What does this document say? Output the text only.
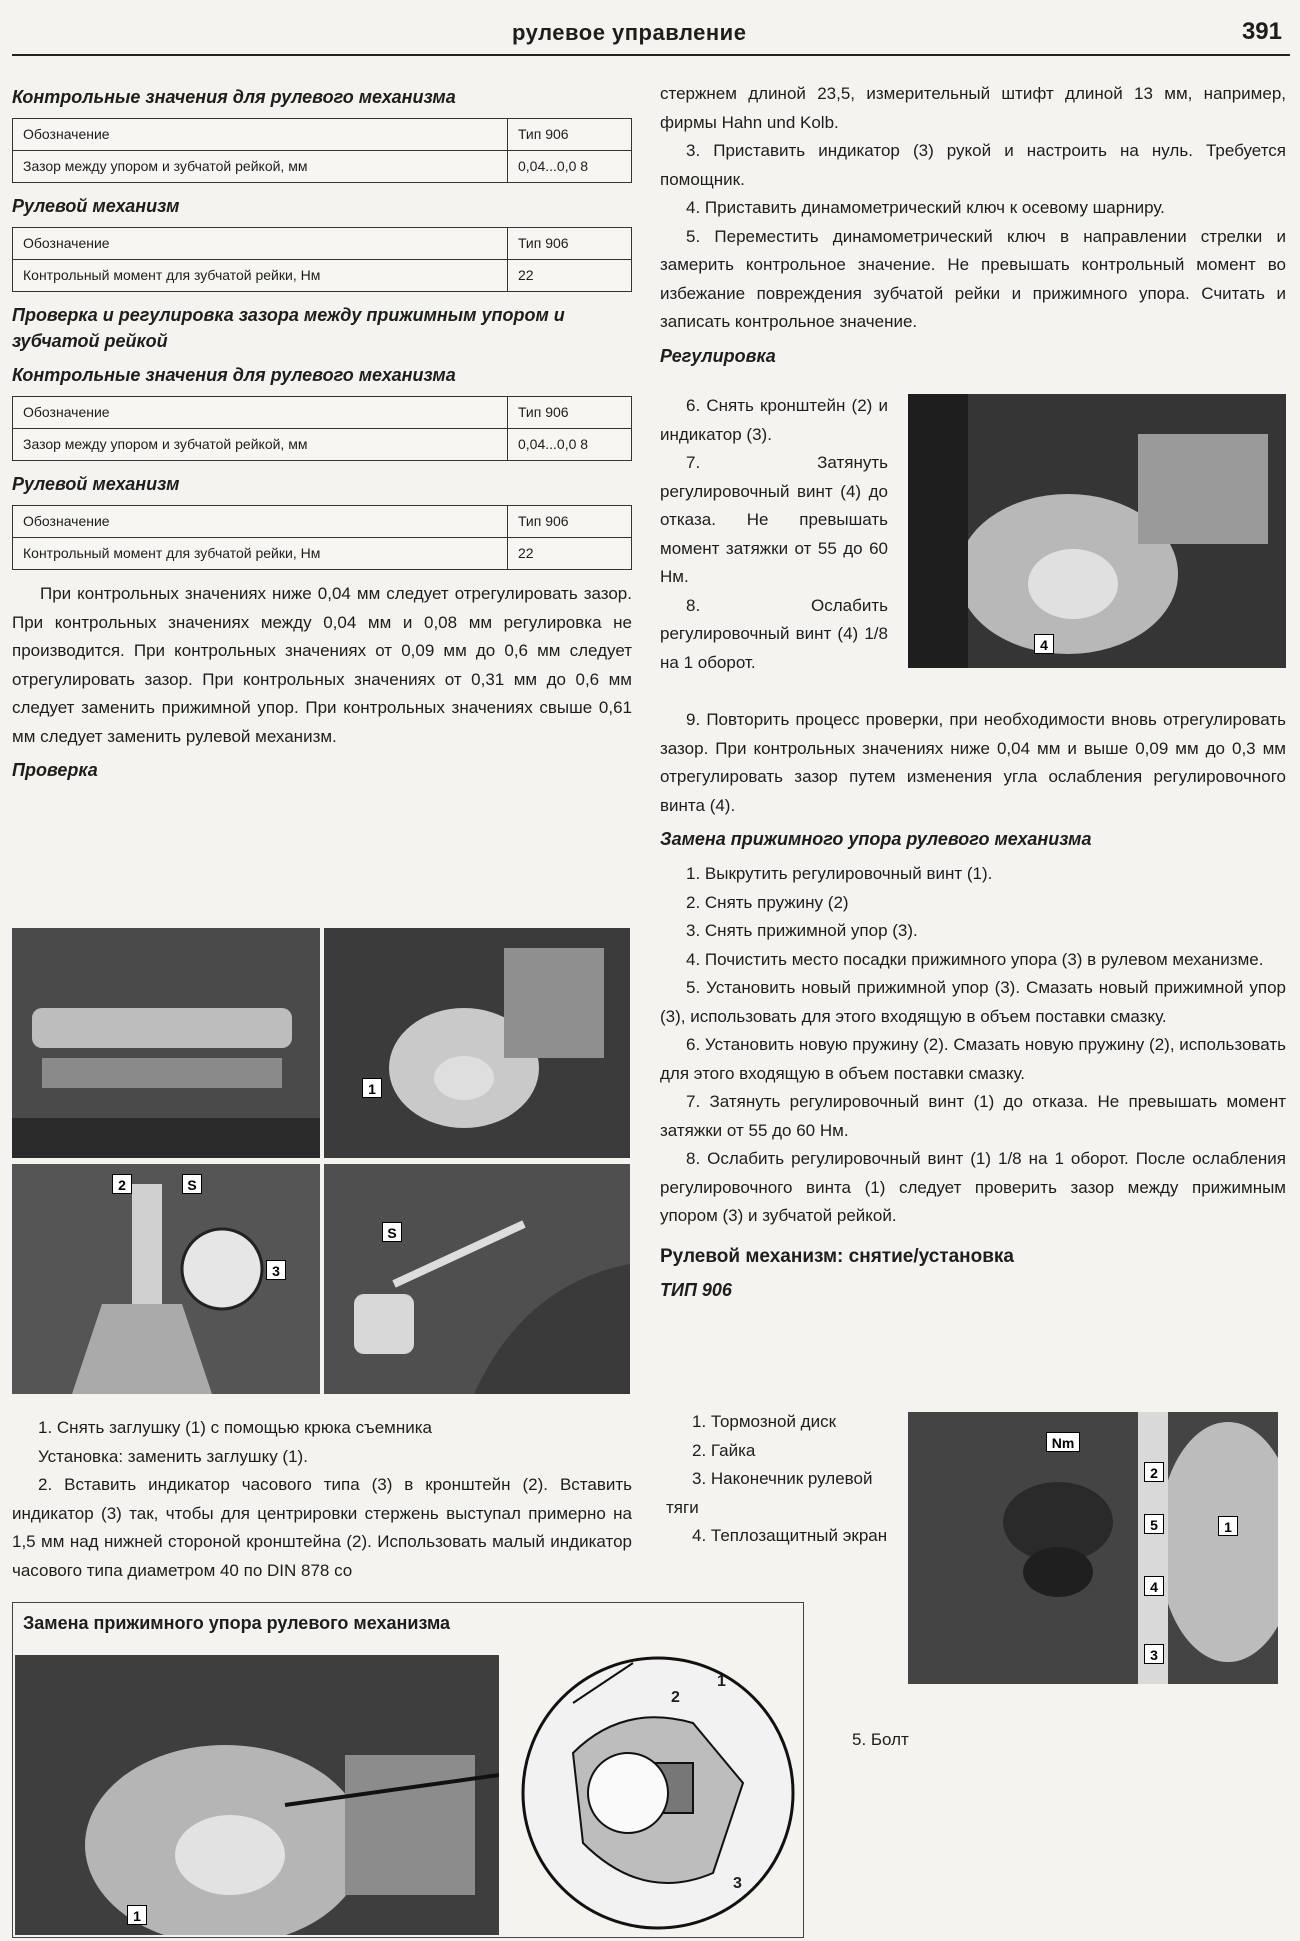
рулевое управление	391
Контрольные значения для рулевого механизма
Обозначение	Тип 906
Зазор между упором и зубчатой рейкой, мм	0,04...0,0 8
Рулевой механизм
Обозначение	Тип 906
Контрольный момент для зубчатой рейки, Нм	22
Проверка и регулировка зазора между прижимным упором и зубчатой рейкой
Контрольные значения для рулевого механизма
Обозначение	Тип 906
Зазор между упором и зубчатой рейкой, мм	0,04...0,0 8
Рулевой механизм
Обозначение	Тип 906
Контрольный момент для зубчатой рейки, Нм	22

При контрольных значениях ниже 0,04 мм следует отрегулировать зазор. При контрольных значениях между 0,04 мм и 0,08 мм регулировка не производится. При контрольных значениях от 0,09 мм до 0,6 мм следует отрегулировать зазор. При контрольных значениях от 0,31 мм до 0,6 мм следует заменить прижимной упор. При контрольных значениях свыше 0,61 мм следует заменить рулевой механизм.

Проверка
1
2
3
S
S

1. Снять заглушку (1) с помощью крюка съемника

Установка: заменить заглушку (1).

2. Вставить индикатор часового типа (3) в кронштейн (2). Вставить индикатор (3) так, чтобы для центрировки стержень выступал примерно на 1,5 мм над нижней стороной кронштейна (2). Использовать малый индикатор часового типа диаметром 40 по DIN 878 со

стержнем длиной 23,5, измерительный штифт длиной 13 мм, например, фирмы Hahn und Kolb.

3. Приставить индикатор (3) рукой и настроить на нуль. Требуется помощник.

4. Приставить динамометрический ключ к осевому шарниру.

5. Переместить динамометрический ключ в направлении стрелки и замерить контрольное значение. Не превышать контрольный момент во избежание повреждения зубчатой рейки и прижимного упора. Считать и записать контрольное значение.

Регулировка

6. Снять кронштейн (2) и индикатор (3).

7. Затянуть регулировочный винт (4) до отказа. Не превышать момент затяжки от 55 до 60 Нм.

8. Ослабить регулировочный винт (4) 1/8 на 1 оборот.

4

9. Повторить процесс проверки, при необходимости вновь отрегулировать зазор. При контрольных значениях ниже 0,04 мм и выше 0,09 мм до 0,3 мм отрегулировать зазор путем изменения угла ослабления регулировочного винта (4).

Замена прижимного упора рулевого механизма

1. Выкрутить регулировочный винт (1).

2. Снять пружину (2)

3. Снять прижимной упор (3).

4. Почистить место посадки прижимного упора (3) в рулевом механизме.

5. Установить новый прижимной упор (3). Смазать новый прижимной упор (3), использовать для этого входящую в объем поставки смазку.

6. Установить новую пружину (2). Смазать новую пружину (2), использовать для этого входящую в объем поставки смазку.

7. Затянуть регулировочный винт (1) до отказа. Не превышать момент затяжки от 55 до 60 Нм.

8. Ослабить регулировочный винт (1) 1/8 на 1 оборот. После ослабления регулировочного винта (1) следует проверить зазор между прижимным упором (3) и зубчатой рейкой.

Рулевой механизм: снятие/установка
ТИП 906

1. Тормозной диск

2. Гайка

3. Наконечник рулевой тяги

4. Теплозащитный экран

Nm
2
5	1
4
3

5. Болт

Замена прижимного упора рулевого механизма
1
2
1
3
